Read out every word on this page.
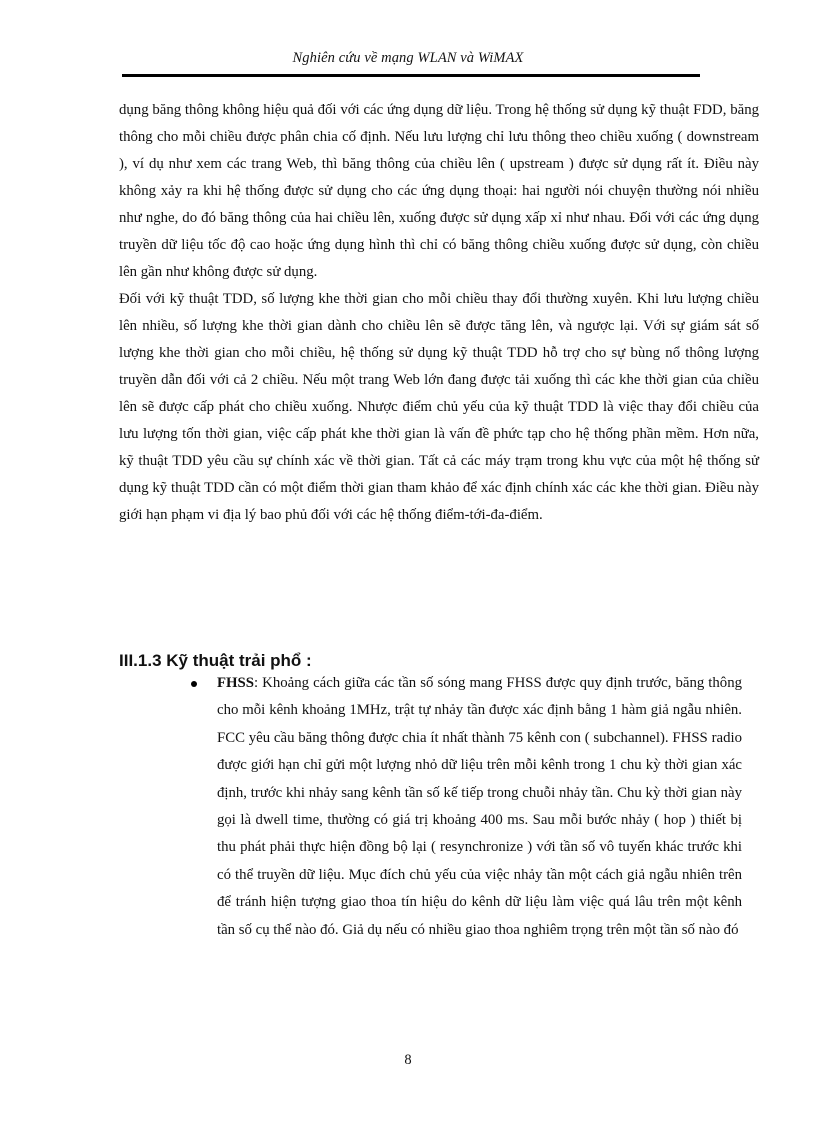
Nghiên cứu về mạng WLAN và WiMAX

dụng băng thông không hiệu quả đối với các ứng dụng dữ liệu. Trong hệ thống sử dụng kỹ thuật FDD, băng thông cho mỗi chiều được phân chia cố định. Nếu lưu lượng chỉ lưu thông theo chiều xuống ( downstream ), ví dụ như xem các trang Web, thì băng thông của chiều lên ( upstream ) được sử dụng rất ít. Điều này không xảy ra khi hệ thống được sử dụng cho các ứng dụng thoại: hai người nói chuyện thường nói nhiều như nghe, do đó băng thông của hai chiều lên, xuống được sử dụng xấp xỉ như nhau. Đối với các ứng dụng truyền dữ liệu tốc độ cao hoặc ứng dụng hình thì chỉ có băng thông chiều xuống được sử dụng, còn chiều lên gần như không được sử dụng.

Đối với kỹ thuật TDD, số lượng khe thời gian cho mỗi chiều thay đổi thường xuyên. Khi lưu lượng chiều lên nhiều, số lượng khe thời gian dành cho chiều lên sẽ được tăng lên, và ngược lại. Với sự giám sát số lượng khe thời gian cho mỗi chiều, hệ thống sử dụng kỹ thuật TDD hỗ trợ cho sự bùng nổ thông lượng truyền dẫn đối với cả 2 chiều. Nếu một trang Web lớn đang được tải xuống thì các khe thời gian của chiều lên sẽ được cấp phát cho chiều xuống. Nhược điểm chủ yếu của kỹ thuật TDD là việc thay đổi chiều của lưu lượng tốn thời gian, việc cấp phát khe thời gian là vấn đề phức tạp cho hệ thống phần mềm. Hơn nữa, kỹ thuật TDD yêu cầu sự chính xác về thời gian. Tất cả các máy trạm trong khu vực của một hệ thống sử dụng kỹ thuật TDD cần có một điểm thời gian tham khảo để xác định chính xác các khe thời gian. Điều này giới hạn phạm vi địa lý bao phủ đối với các hệ thống điểm-tới-đa-điểm.

III.1.3 Kỹ thuật trải phổ :
FHSS: Khoảng cách giữa các tần số sóng mang FHSS được quy định trước, băng thông cho mỗi kênh khoảng 1MHz, trật tự nhảy tần được xác định bằng 1 hàm giả ngẫu nhiên. FCC yêu cầu băng thông được chia ít nhất thành 75 kênh con ( subchannel). FHSS radio được giới hạn chỉ gửi một lượng nhỏ dữ liệu trên mỗi kênh trong 1 chu kỳ thời gian xác định, trước khi nhảy sang kênh tần số kế tiếp trong chuỗi nhảy tần. Chu kỳ thời gian này gọi là dwell time, thường có giá trị khoảng 400 ms. Sau mỗi bước nhảy ( hop ) thiết bị thu phát phải thực hiện đồng bộ lại ( resynchronize ) với tần số vô tuyến khác trước khi có thể truyền dữ liệu. Mục đích chủ yếu của việc nhảy tần một cách giả ngẫu nhiên trên để tránh hiện tượng giao thoa tín hiệu do kênh dữ liệu làm việc quá lâu trên một kênh tần số cụ thể nào đó. Giả dụ nếu có nhiều giao thoa nghiêm trọng trên một tần số nào đó
8
